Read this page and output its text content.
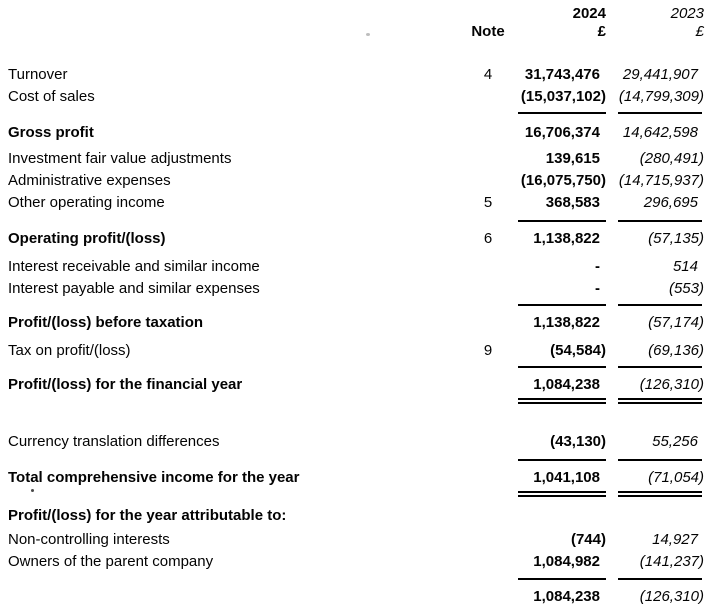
2024	2023
Note	£	£
Turnover	4	31,743,476	29,441,907
Cost of sales	(15,037,102) (14,799,309)
Gross profit	16,706,374	14,642,598
Investment fair value adjustments	139,615	(280,491)
Administrative expenses	(16,075,750) (14,715,937)
Other operating income	5	368,583	296,695
Operating profit/(loss)	6	1,138,822	(57,135)
Interest receivable and similar income	-	514
Interest payable and similar expenses	-	(553)
Profit/(loss) before taxation	1,138,822	(57,174)
Tax on profit/(loss)	9	(54,584)	(69,136)
Profit/(loss) for the financial year	1,084,238	(126,310)
Currency translation differences	(43,130)	55,256
Total comprehensive income for the year	1,041,108	(71,054)
Profit/(loss) for the year attributable to:
Non-controlling interests	(744)	14,927
Owners of the parent company	1,084,982	(141,237)
1,084,238	(126,310)
